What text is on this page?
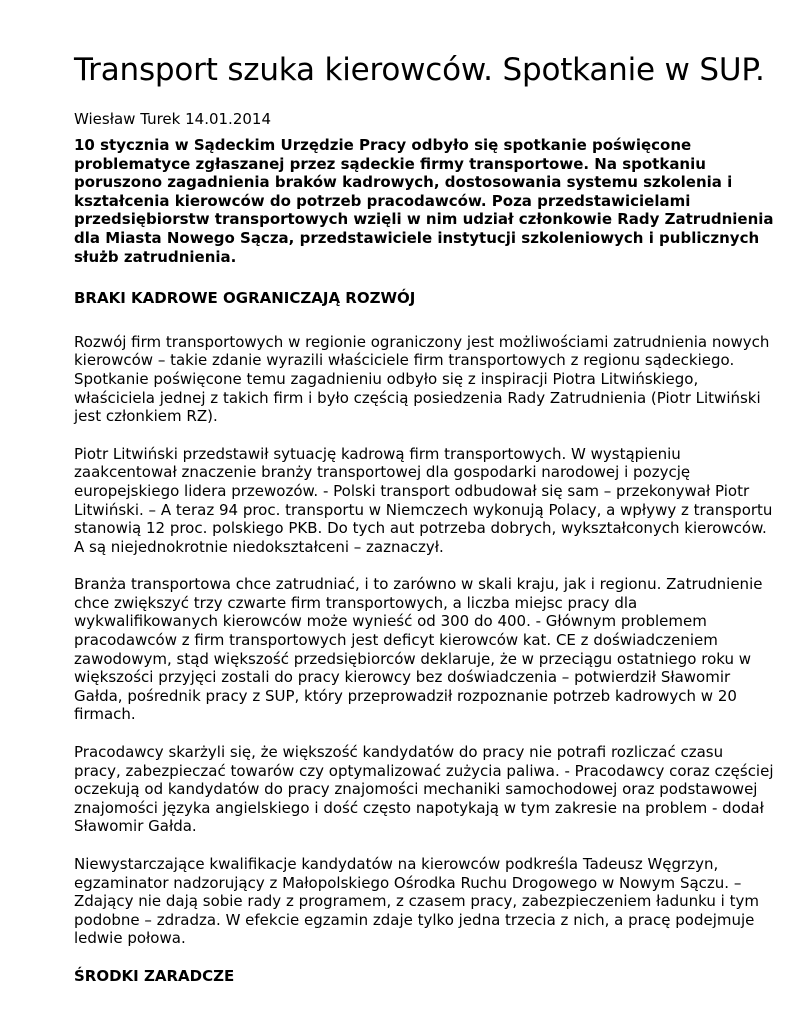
Transport szuka kierowców. Spotkanie w SUP.
Wiesław Turek 14.01.2014
10 stycznia w Sądeckim Urzędzie Pracy odbyło się spotkanie poświęcone problematyce zgłaszanej przez sądeckie firmy transportowe. Na spotkaniu poruszono zagadnienia braków kadrowych, dostosowania systemu szkolenia i kształcenia kierowców do potrzeb pracodawców. Poza przedstawicielami przedsiębiorstw transportowych wzięli w nim udział członkowie Rady Zatrudnienia dla Miasta Nowego Sącza, przedstawiciele instytucji szkoleniowych i publicznych służb zatrudnienia.
BRAKI KADROWE OGRANICZAJĄ ROZWÓJ
Rozwój firm transportowych w regionie ograniczony jest możliwościami zatrudnienia nowych kierowców – takie zdanie wyrazili właściciele firm transportowych z regionu sądeckiego. Spotkanie poświęcone temu zagadnieniu odbyło się z inspiracji Piotra Litwińskiego, właściciela jednej z takich firm i było częścią posiedzenia Rady Zatrudnienia (Piotr Litwiński jest członkiem RZ).
Piotr Litwiński przedstawił sytuację kadrową firm transportowych. W wystąpieniu zaakcentował znaczenie branży transportowej dla gospodarki narodowej i pozycję europejskiego lidera przewozów. - Polski transport odbudował się sam – przekonywał Piotr Litwiński. – A teraz 94 proc. transportu w Niemczech wykonują Polacy, a wpływy z transportu stanowią 12 proc. polskiego PKB. Do tych aut potrzeba dobrych, wykształconych kierowców. A są niejednokrotnie niedokształceni – zaznaczył.
Branża transportowa chce zatrudniać, i to zarówno w skali kraju, jak i regionu. Zatrudnienie chce zwiększyć trzy czwarte firm transportowych, a liczba miejsc pracy dla wykwalifikowanych kierowców może wynieść od 300 do 400. - Głównym problemem pracodawców z firm transportowych jest deficyt kierowców kat. CE z doświadczeniem zawodowym, stąd większość przedsiębiorców deklaruje, że w przeciągu ostatniego roku w większości przyjęci zostali do pracy kierowcy bez doświadczenia – potwierdził Sławomir Gałda, pośrednik pracy z SUP, który przeprowadził rozpoznanie potrzeb kadrowych w 20 firmach.
Pracodawcy skarżyli się, że większość kandydatów do pracy nie potrafi rozliczać czasu pracy, zabezpieczać towarów czy optymalizować zużycia paliwa. - Pracodawcy coraz częściej oczekują od kandydatów do pracy znajomości mechaniki samochodowej oraz podstawowej znajomości języka angielskiego i dość często napotykają w tym zakresie na problem - dodał Sławomir Gałda.
Niewystarczające kwalifikacje kandydatów na kierowców podkreśla Tadeusz Węgrzyn, egzaminator nadzorujący z Małopolskiego Ośrodka Ruchu Drogowego w Nowym Sączu. – Zdający nie dają sobie rady z programem, z czasem pracy, zabezpieczeniem ładunku i tym podobne – zdradza. W efekcie egzamin zdaje tylko jedna trzecia z nich, a pracę podejmuje ledwie połowa.
ŚRODKI ZARADCZE
